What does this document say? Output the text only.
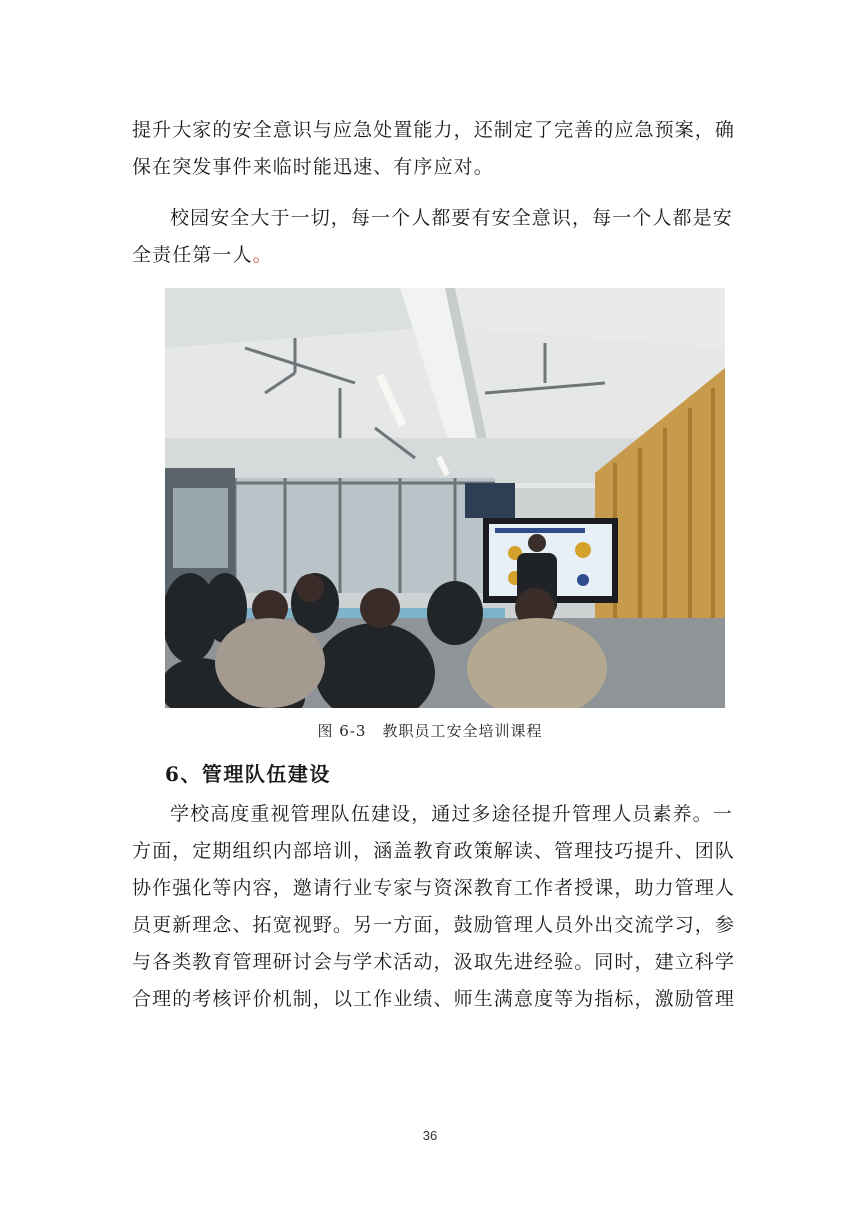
提升大家的安全意识与应急处置能力，还制定了完善的应急预案，确
保在突发事件来临时能迅速、有序应对。

校园安全大于一切，每一个人都要有安全意识，每一个人都是安
全责任第一人。

图 6-3 教职员工安全培训课程
6、管理队伍建设

学校高度重视管理队伍建设，通过多途径提升管理人员素养。一
方面，定期组织内部培训，涵盖教育政策解读、管理技巧提升、团队
协作强化等内容，邀请行业专家与资深教育工作者授课，助力管理人
员更新理念、拓宽视野。另一方面，鼓励管理人员外出交流学习，参
与各类教育管理研讨会与学术活动，汲取先进经验。同时，建立科学
合理的考核评价机制，以工作业绩、师生满意度等为指标，激励管理

36
